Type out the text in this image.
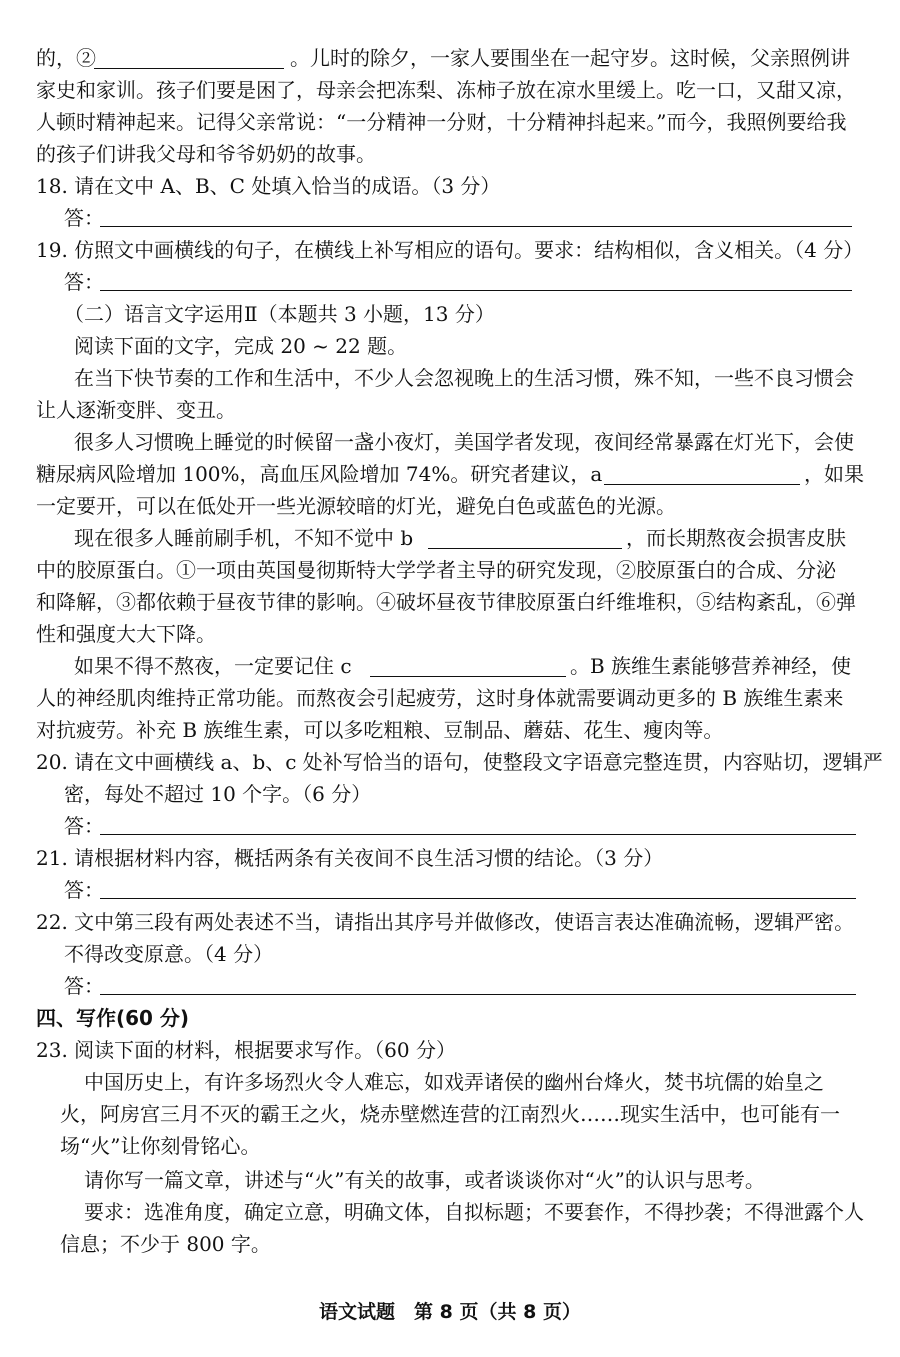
的，②	。儿时的除夕，一家人要围坐在一起守岁。这时候，父亲照例讲
家史和家训。孩子们要是困了，母亲会把冻梨、冻柿子放在凉水里缓上。吃一口，又甜又凉，
人顿时精神起来。记得父亲常说：“一分精神一分财，十分精神抖起来。”而今，我照例要给我
的孩子们讲我父母和爷爷奶奶的故事。
18. 请在文中 A、B、C 处填入恰当的成语。（3 分）
答：
19. 仿照文中画横线的句子，在横线上补写相应的语句。要求：结构相似，含义相关。（4 分）
答：
（二）语言文字运用Ⅱ（本题共 3 小题，13 分）
阅读下面的文字，完成 20 ~ 22 题。
在当下快节奏的工作和生活中，不少人会忽视晚上的生活习惯，殊不知，一些不良习惯会
让人逐渐变胖、变丑。
很多人习惯晚上睡觉的时候留一盏小夜灯，美国学者发现，夜间经常暴露在灯光下，会使
糖尿病风险增加 100%，高血压风险增加 74%。研究者建议，a	，如果
一定要开，可以在低处开一些光源较暗的灯光，避免白色或蓝色的光源。
现在很多人睡前刷手机，不知不觉中 b	，而长期熬夜会损害皮肤
中的胶原蛋白。①一项由英国曼彻斯特大学学者主导的研究发现，②胶原蛋白的合成、分泌
和降解，③都依赖于昼夜节律的影响。④破坏昼夜节律胶原蛋白纤维堆积，⑤结构紊乱，⑥弹
性和强度大大下降。
如果不得不熬夜，一定要记住 c	。B 族维生素能够营养神经，使
人的神经肌肉维持正常功能。而熬夜会引起疲劳，这时身体就需要调动更多的 B 族维生素来
对抗疲劳。补充 B 族维生素，可以多吃粗粮、豆制品、蘑菇、花生、瘦肉等。
20. 请在文中画横线 a、b、c 处补写恰当的语句，使整段文字语意完整连贯，内容贴切，逻辑严
密，每处不超过 10 个字。（6 分）
答：
21. 请根据材料内容，概括两条有关夜间不良生活习惯的结论。（3 分）
答：
22. 文中第三段有两处表述不当，请指出其序号并做修改，使语言表达准确流畅，逻辑严密。
不得改变原意。（4 分）
答：
四、写作(60 分)
23. 阅读下面的材料，根据要求写作。（60 分）
中国历史上，有许多场烈火令人难忘，如戏弄诸侯的幽州台烽火，焚书坑儒的始皇之
火，阿房宫三月不灭的霸王之火，烧赤壁燃连营的江南烈火……现实生活中，也可能有一
场“火”让你刻骨铭心。
请你写一篇文章，讲述与“火”有关的故事，或者谈谈你对“火”的认识与思考。
要求：选准角度，确定立意，明确文体，自拟标题；不要套作，不得抄袭；不得泄露个人
信息；不少于 800 字。
语文试题　第 8 页（共 8 页）
